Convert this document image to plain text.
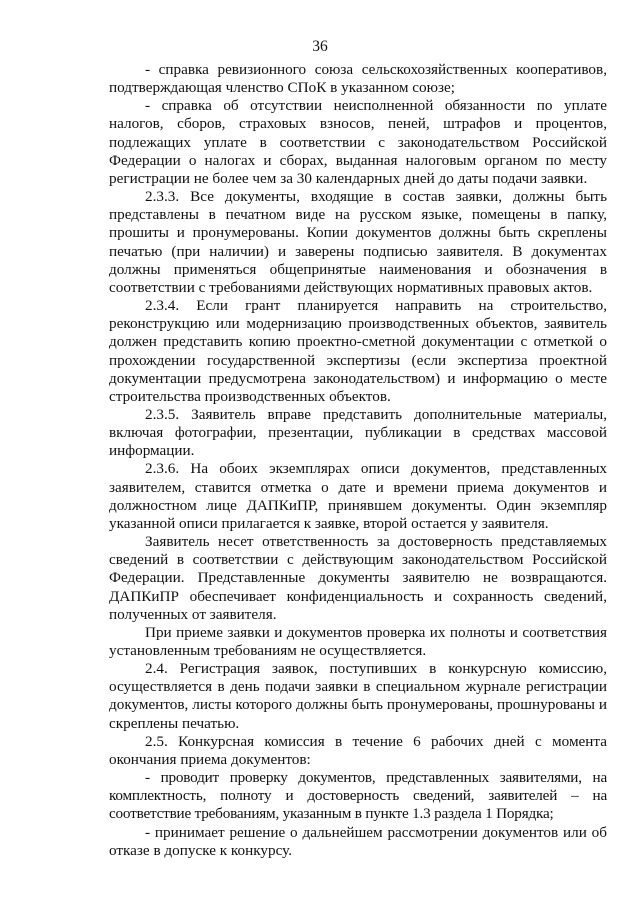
36

- справка ревизионного союза сельскохозяйственных кооперативов, подтверждающая членство СПоК в указанном союзе;

- справка об отсутствии неисполненной обязанности по уплате налогов, сборов, страховых взносов, пеней, штрафов и процентов, подлежащих уплате в соответствии с законодательством Российской Федерации о налогах и сборах, выданная налоговым органом по месту регистрации не более чем за 30 календарных дней до даты подачи заявки.

2.3.3. Все документы, входящие в состав заявки, должны быть представлены в печатном виде на русском языке, помещены в папку, прошиты и пронумерованы. Копии документов должны быть скреплены печатью (при наличии) и заверены подписью заявителя. В документах должны применяться общепринятые наименования и обозначения в соответствии с требованиями действующих нормативных правовых актов.

2.3.4. Если грант планируется направить на строительство, реконструкцию или модернизацию производственных объектов, заявитель должен представить копию проектно-сметной документации с отметкой о прохождении государственной экспертизы (если экспертиза проектной документации предусмотрена законодательством) и информацию о месте строительства производственных объектов.

2.3.5. Заявитель вправе представить дополнительные материалы, включая фотографии, презентации, публикации в средствах массовой информации.

2.3.6. На обоих экземплярах описи документов, представленных заявителем, ставится отметка о дате и времени приема документов и должностном лице ДАПКиПР, принявшем документы. Один экземпляр указанной описи прилагается к заявке, второй остается у заявителя.

Заявитель несет ответственность за достоверность представляемых сведений в соответствии с действующим законодательством Российской Федерации. Представленные документы заявителю не возвращаются. ДАПКиПР обеспечивает конфиденциальность и сохранность сведений, полученных от заявителя.

При приеме заявки и документов проверка их полноты и соответствия установленным требованиям не осуществляется.

2.4. Регистрация заявок, поступивших в конкурсную комиссию, осуществляется в день подачи заявки в специальном журнале регистрации документов, листы которого должны быть пронумерованы, прошнурованы и скреплены печатью.

2.5. Конкурсная комиссия в течение 6 рабочих дней с момента окончания приема документов:

- проводит проверку документов, представленных заявителями, на комплектность, полноту и достоверность сведений, заявителей – на соответствие требованиям, указанным в пункте 1.3 раздела 1 Порядка;

- принимает решение о дальнейшем рассмотрении документов или об отказе в допуске к конкурсу.
